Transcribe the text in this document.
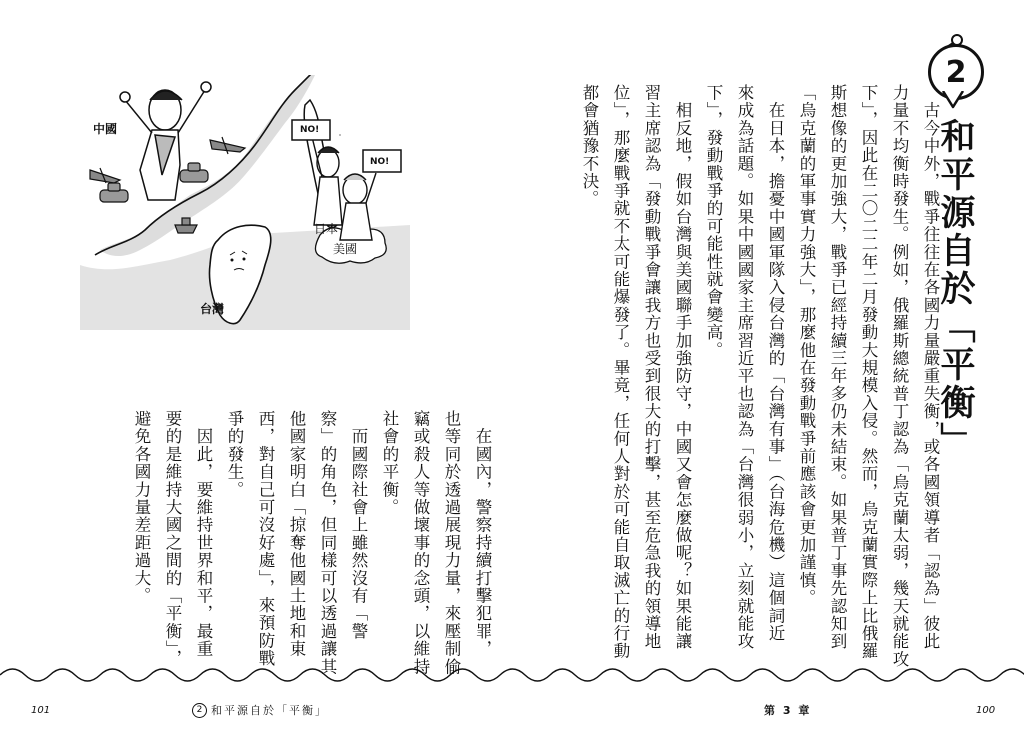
2
和平源自於「平衡」
　古今中外，戰爭往往在各國力量嚴重失衡，或各國領導者「認為」彼此
力量不均衡時發生。例如，俄羅斯總統普丁認為「烏克蘭太弱，幾天就能攻
下」，因此在二〇二二年二月發動大規模入侵。然而，烏克蘭實際上比俄羅
斯想像的更加強大，戰爭已經持續三年多仍未結束。如果普丁事先認知到
「烏克蘭的軍事實力強大」，那麼他在發動戰爭前應該會更加謹慎。
　在日本，擔憂中國軍隊入侵台灣的「台灣有事」（台海危機）這個詞近
來成為話題。如果中國國家主席習近平也認為「台灣很弱小，立刻就能攻
下」，發動戰爭的可能性就會變高。
　相反地，假如台灣與美國聯手加強防守，中國又會怎麼做呢？如果能讓
習主席認為「發動戰爭會讓我方也受到很大的打擊，甚至危急我的領導地
位」，那麼戰爭就不太可能爆發了。畢竟，任何人對於可能自取滅亡的行動
都會猶豫不決。
中國
台灣
日本
美國
NO!
NO!
　在國內，警察持續打擊犯罪，
也等同於透過展現力量，來壓制偷
竊或殺人等做壞事的念頭，以維持
社會的平衡。
　而國際社會上雖然沒有「警
察」的角色，但同樣可以透過讓其
他國家明白「掠奪他國土地和東
西，對自己可沒好處」，來預防戰
爭的發生。
　因此，要維持世界和平，最重
要的是維持大國之間的「平衡」，
避免各國力量差距過大。
101	2 和平源自於「平衡」	第 3 章	100
